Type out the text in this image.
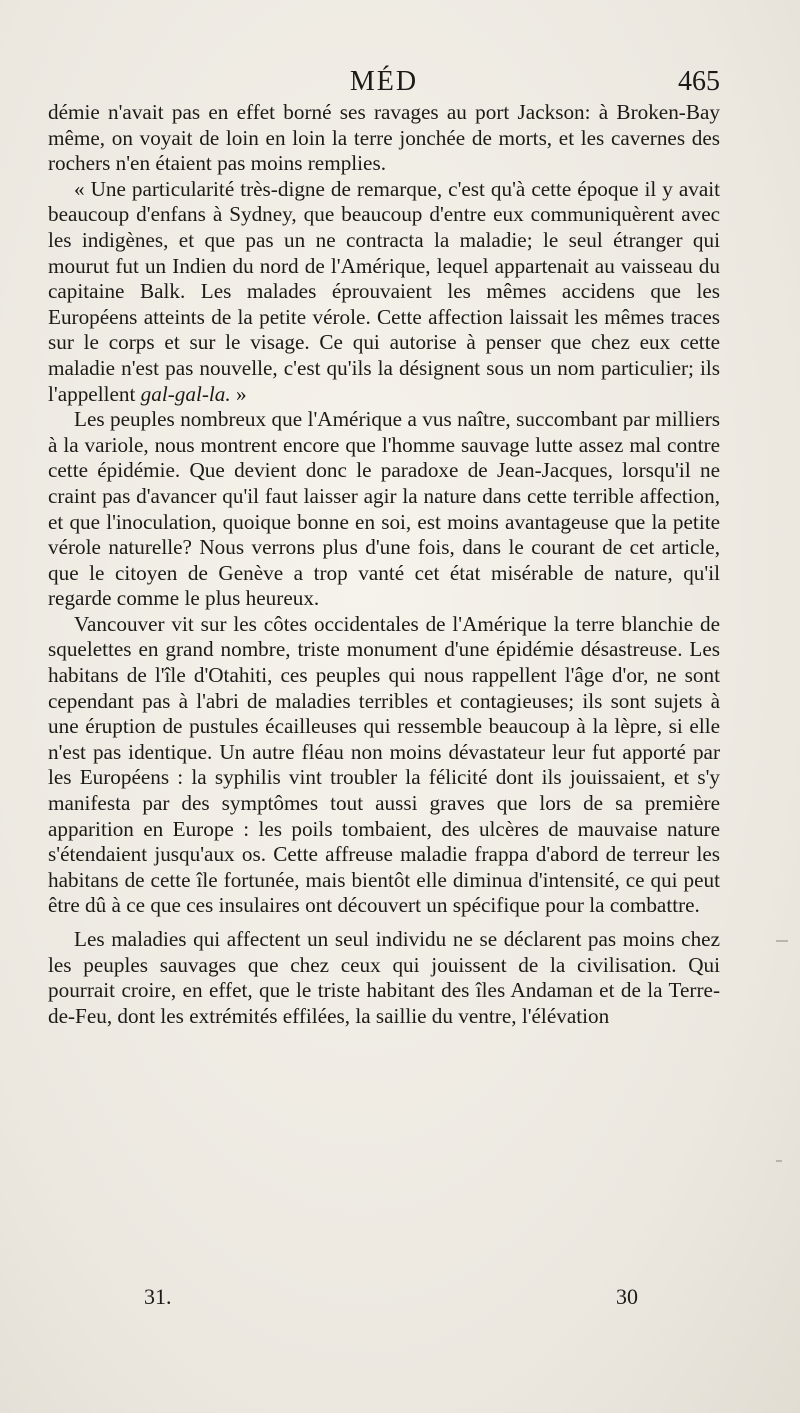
MÉD	465

démie n'avait pas en effet borné ses ravages au port Jackson: à Broken-Bay même, on voyait de loin en loin la terre jonchée de morts, et les cavernes des rochers n'en étaient pas moins remplies.

« Une particularité très-digne de remarque, c'est qu'à cette époque il y avait beaucoup d'enfans à Sydney, que beaucoup d'entre eux communiquèrent avec les indigènes, et que pas un ne contracta la maladie; le seul étranger qui mourut fut un Indien du nord de l'Amérique, lequel appartenait au vaisseau du capitaine Balk. Les malades éprouvaient les mêmes accidens que les Européens atteints de la petite vérole. Cette affection laissait les mêmes traces sur le corps et sur le visage. Ce qui autorise à penser que chez eux cette maladie n'est pas nouvelle, c'est qu'ils la désignent sous un nom particulier; ils l'appellent gal-gal-la. »

Les peuples nombreux que l'Amérique a vus naître, succombant par milliers à la variole, nous montrent encore que l'homme sauvage lutte assez mal contre cette épidémie. Que devient donc le paradoxe de Jean-Jacques, lorsqu'il ne craint pas d'avancer qu'il faut laisser agir la nature dans cette terrible affection, et que l'inoculation, quoique bonne en soi, est moins avantageuse que la petite vérole naturelle? Nous verrons plus d'une fois, dans le courant de cet article, que le citoyen de Genève a trop vanté cet état misérable de nature, qu'il regarde comme le plus heureux.

Vancouver vit sur les côtes occidentales de l'Amérique la terre blanchie de squelettes en grand nombre, triste monument d'une épidémie désastreuse. Les habitans de l'île d'Otahiti, ces peuples qui nous rappellent l'âge d'or, ne sont cependant pas à l'abri de maladies terribles et contagieuses; ils sont sujets à une éruption de pustules écailleuses qui ressemble beaucoup à la lèpre, si elle n'est pas identique. Un autre fléau non moins dévastateur leur fut apporté par les Européens : la syphilis vint troubler la félicité dont ils jouissaient, et s'y manifesta par des symptômes tout aussi graves que lors de sa première apparition en Europe : les poils tombaient, des ulcères de mauvaise nature s'étendaient jusqu'aux os. Cette affreuse maladie frappa d'abord de terreur les habitans de cette île fortunée, mais bientôt elle diminua d'intensité, ce qui peut être dû à ce que ces insulaires ont découvert un spécifique pour la combattre.

Les maladies qui affectent un seul individu ne se déclarent pas moins chez les peuples sauvages que chez ceux qui jouissent de la civilisation. Qui pourrait croire, en effet, que le triste habitant des îles Andaman et de la Terre-de-Feu, dont les extrémités effilées, la saillie du ventre, l'élévation

31.	30
